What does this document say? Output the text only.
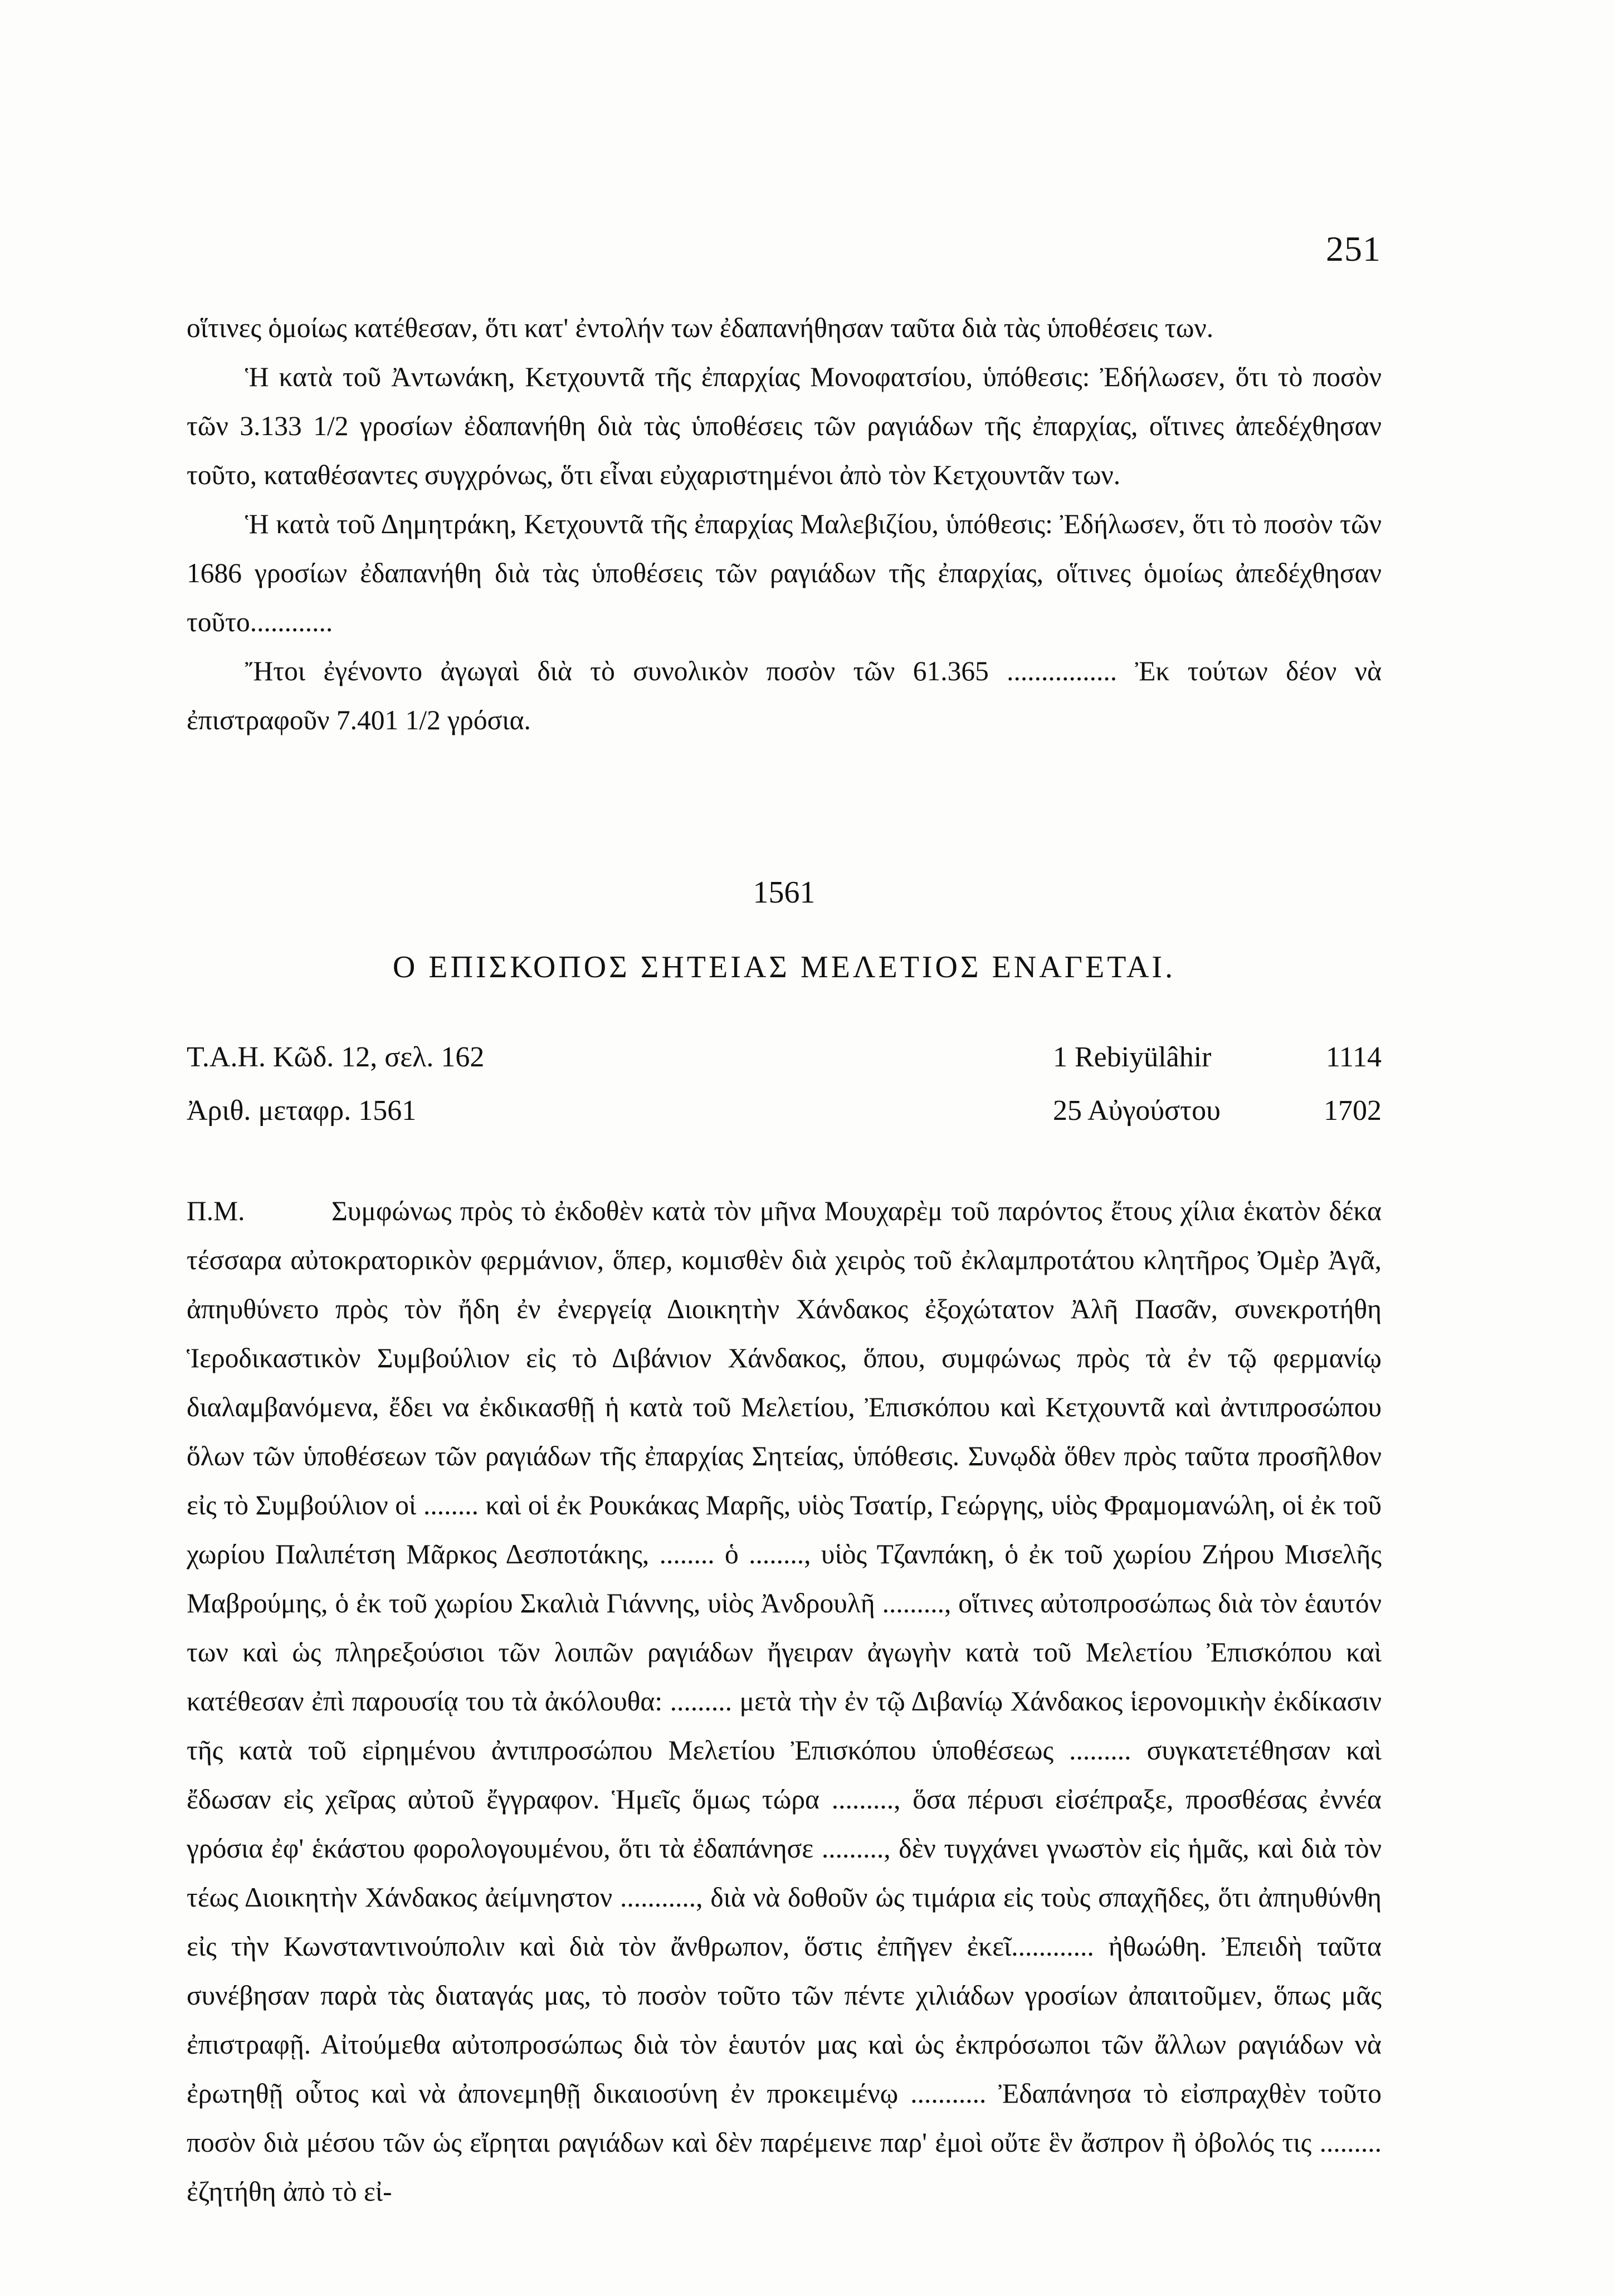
251

οἵτινες ὁμοίως κατέθεσαν, ὅτι κατ' ἐντολήν των ἐδαπανήθησαν ταῦτα διὰ τὰς ὑποθέσεις των.

Ἡ κατὰ τοῦ Ἀντωνάκη, Κετχουντᾶ τῆς ἐπαρχίας Μονοφατσίου, ὑπόθεσις: Ἐδήλωσεν, ὅτι τὸ ποσὸν τῶν 3.133 1/2 γροσίων ἐδαπανήθη διὰ τὰς ὑποθέσεις τῶν ραγιάδων τῆς ἐπαρχίας, οἵτινες ἀπεδέχθησαν τοῦτο, καταθέσαντες συγχρόνως, ὅτι εἶναι εὐχαριστημένοι ἀπὸ τὸν Κετχουντᾶν των.

Ἡ κατὰ τοῦ Δημητράκη, Κετχουντᾶ τῆς ἐπαρχίας Μαλεβιζίου, ὑπόθεσις: Ἐδήλωσεν, ὅτι τὸ ποσὸν τῶν 1686 γροσίων ἐδαπανήθη διὰ τὰς ὑποθέσεις τῶν ραγιάδων τῆς ἐπαρχίας, οἵτινες ὁμοίως ἀπεδέχθησαν τοῦτο............

Ἤτοι ἐγένοντο ἀγωγαὶ διὰ τὸ συνολικὸν ποσὸν τῶν 61.365 ................ Ἐκ τούτων δέον νὰ ἐπιστραφοῦν 7.401 1/2 γρόσια.

1561

Ο ΕΠΙΣΚΟΠΟΣ ΣΗΤΕΙΑΣ ΜΕΛΕΤΙΟΣ ΕΝΑΓΕΤΑΙ.

Τ.Α.Η. Κῶδ. 12, σελ. 162	1 Rebiyülâhir	1114
Ἀριθ. μεταφρ. 1561	25 Αὐγούστου	1702

Π.Μ.	Συμφώνως πρὸς τὸ ἐκδοθὲν κατὰ τὸν μῆνα Μουχαρὲμ τοῦ παρόντος ἔτους χίλια ἑκατὸν δέκα τέσσαρα αὐτοκρατορικὸν φερμάνιον, ὅπερ, κομισθὲν διὰ χειρὸς τοῦ ἐκλαμπροτάτου κλητῆρος Ὀμὲρ Ἀγᾶ, ἀπηυθύνετο πρὸς τὸν ἤδη ἐν ἐνεργείᾳ Διοικητὴν Χάνδακος ἐξοχώτατον Ἀλῆ Πασᾶν, συνεκροτήθη Ἱεροδικαστικὸν Συμβούλιον εἰς τὸ Διβάνιον Χάνδακος, ὅπου, συμφώνως πρὸς τὰ ἐν τῷ φερμανίῳ διαλαμβανόμενα, ἔδει να ἐκδικασθῇ ἡ κατὰ τοῦ Μελετίου, Ἐπισκόπου καὶ Κετχουντᾶ καὶ ἀντιπροσώπου ὅλων τῶν ὑποθέσεων τῶν ραγιάδων τῆς ἐπαρχίας Σητείας, ὑπόθεσις. Συνῳδὰ ὅθεν πρὸς ταῦτα προσῆλθον εἰς τὸ Συμβούλιον οἱ ........ καὶ οἱ ἐκ Ρουκάκας Μαρῆς, υἱὸς Τσατίρ, Γεώργης, υἱὸς Φραμομανώλη, οἱ ἐκ τοῦ χωρίου Παλιπέτση Μᾶρκος Δεσποτάκης, ........ ὁ ........, υἱὸς Τζανπάκη, ὁ ἐκ τοῦ χωρίου Ζήρου Μισελῆς Μαβρούμης, ὁ ἐκ τοῦ χωρίου Σκαλιὰ Γιάννης, υἱὸς Ἀνδρουλῆ ........., οἵτινες αὐτοπροσώπως διὰ τὸν ἑαυτόν των καὶ ὡς πληρεξούσιοι τῶν λοιπῶν ραγιάδων ἤγειραν ἀγωγὴν κατὰ τοῦ Μελετίου Ἐπισκόπου καὶ κατέθεσαν ἐπὶ παρουσίᾳ του τὰ ἀκόλουθα: ......... μετὰ τὴν ἐν τῷ Διβανίῳ Χάνδακος ἱερονομικὴν ἐκδίκασιν τῆς κατὰ τοῦ εἰρημένου ἀντιπροσώπου Μελετίου Ἐπισκόπου ὑποθέσεως ......... συγκατετέθησαν καὶ ἔδωσαν εἰς χεῖρας αὐτοῦ ἔγγραφον. Ἡμεῖς ὅμως τώρα ........., ὅσα πέρυσι εἰσέπραξε, προσθέσας ἐννέα γρόσια ἐφ' ἑκάστου φορολογουμένου, ὅτι τὰ ἐδαπάνησε ........., δὲν τυγχάνει γνωστὸν εἰς ἡμᾶς, καὶ διὰ τὸν τέως Διοικητὴν Χάνδακος ἀείμνηστον ..........., διὰ νὰ δοθοῦν ὡς τιμάρια εἰς τοὺς σπαχῆδες, ὅτι ἀπηυθύνθη εἰς τὴν Κωνσταντινούπολιν καὶ διὰ τὸν ἄνθρωπον, ὅστις ἐπῆγεν ἐκεῖ............ ἠθωώθη. Ἐπειδὴ ταῦτα συνέβησαν παρὰ τὰς διαταγάς μας, τὸ ποσὸν τοῦτο τῶν πέντε χιλιάδων γροσίων ἀπαιτοῦμεν, ὅπως μᾶς ἐπιστραφῇ. Αἰτούμεθα αὐτοπροσώπως διὰ τὸν ἑαυτόν μας καὶ ὡς ἐκπρόσωποι τῶν ἄλλων ραγιάδων νὰ ἐρωτηθῇ οὗτος καὶ νὰ ἀπονεμηθῇ δικαιοσύνη ἐν προκειμένῳ ........... Ἐδαπάνησα τὸ εἰσπραχθὲν τοῦτο ποσὸν διὰ μέσου τῶν ὡς εἴρηται ραγιάδων καὶ δὲν παρέμεινε παρ' ἐμοὶ οὔτε ἓν ἄσπρον ἢ ὀβολός τις ......... ἐζητήθη ἀπὸ τὸ εἰ-
